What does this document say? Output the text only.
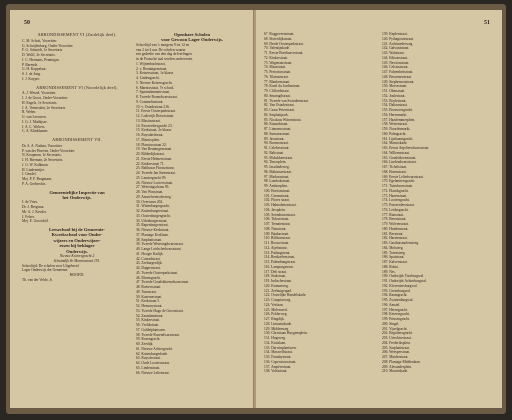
50
ARRONDISSEMENT VI (Zuidelijk deel).
C. M. Schott, Voorzitter.
G. Schuijlenburg, Onder-Voorzitter.
F. G. Schmidt, 1e Secretaris.
D. Wolff, 2e Secretaris.
J. C. Hermans, Penningm.
P. Barends.
G. H. Koppelaar.
S. J. de Jong.
J. J. Kuyper.
ARRONDISSEMENT VI (Noordelijk deel).
A. J. Wetzel, Voorzitter.
J. J. de Groot, Onder-Voorzitter.
H. Engels, 1e Secretaris.
J. A. Vermeulen, 2e Secretaris.
R. Weber.
G. van Leeuwen.
J. G. J. Mathijsse.
J. A. L. Wolters.
C. A. Klinkhamer.
ARRONDISSEMENT VII.
Dr. S. A. Nathan, Voorzitter.
P. van der Hoeven, Onder-Voorzitter.
N. Koopman, 1e Secretaris.
J. H. Bierman, 2e Secretaris.
J. G. W. Kalkman.
H. Lindemeijer.
J. Geudel.
Mej. P. F. Brugmans.
P. A. Gerbrechts.
Gemeentelijke Inspectie van
het Onderwijs.
J. de Vries.
Dr. J. Bergsma.
Mr. A. J. Kessler.
J. Felser.
Mej. E. Grootdoff.
Leeszchool bij de Gemeente-
Kweekschool voor Onder-
wijzers en Onderwijzer-
essen bij beklager
Onderwijs.
Nieuwe Keizersgracht 2
Schuindijk 8e Marnixstraat 191.
Schooltijd: De scholen voor Uitgebreid
Lager Onderwijs der Gemeente.
HOOFD:
Th. van der Velde, Jr.
Openbare Scholen
voor Gewoon Lager Onderwijs.
Schooltijd van 's morgens 9 tot 12 en
van 2 tot 4 uur. De scholen waarin
een gedeelte van den dag de leerlingen
in de Fransche taal worden ondervezen.
1. Wijttenbachstraat.
2. v. Beuningenstraat.
3. Keizersstraat, 1e klasse.
4. Lindengracht.
5. Nieuwe Keizersgracht.
6. Marnixstraat, 7e school.
7. Spaarndammerstraat.
8. Tweede Boomdwarsstraat.
9. Commelinstraat.
10. v. Ostadestraat 216.
11. Eerste Oosterparkstraat.
12. Lodewijk Boisotstraat.
13. Blasiusstraat.
14. Passeerdersgracht 23.
15. Kerkstraat, 2e klasse.
16. Ruysdaelstraat.
17. Marnixplein.
18. Planciusstraat 22.
19. Van Beuningenstraat.
20. Bilderdijkstraat.
21. Eerste Helmersstraat.
22. Kinkerstraat 71.
23. Balthasar Floriszstraat.
24. Tweede Jan Steenstraat.
25. Lauriergracht 99.
26. Nieuwe Looiersstraat.
27. Weteringschans 93.
28. Van Woustraat.
29. Amstelveenscheweg.
30. Overtoom 202.
31. Wittenburgergracht.
32. Kattenburgerstraat.
33. Oostenburgergracht.
34. Uilenburgerstraat.
35. Rapenburgerstraat.
36. Nieuwe Kerkstraat.
37. Plantage Kerklaan.
38. Sarphatistraat.
39. Tweede Weteringdwarsstraat.
40. Lange Leidschedwarsstraat.
41. Hoogte Kadijk.
42. Conradstraat.
43. Zeeburgerdijk.
44. Dapperstraat.
45. Tweede Oosterparkstraat.
46. Bloemgracht.
47. Tweede Goudsbloemdwarsstraat.
48. Roetersstraat.
49. Tuinstraat.
50. Kazernestraat.
51. Kerkstraat 5.
52. Hemonystraat.
53. Tweede Hugo de Grootstraat.
54. Zaandamstraat.
55. Kinkerstraat.
56. Vrolikstraat.
57. Galileïplantsoen.
58. Tweede Rozendwarsstraat.
59. Rozengracht.
60. Zeedijk.
61. Nieuwe Achtergracht.
62. Kattenburgerkade.
63. Ruyschstraat.
64. Oude Looiersstraat.
65. Lindenstraat.
66. Nieuwe Leliestraat.
51
67. Roggeveenstraat.
68. Sloterdijkstraat.
69. Derde Oosterparkstraat.
70. Valentijnkade.
71. Eerste Boerhaavestraat.
72. Kinkerstraat.
73. Wagenaarstraat.
74. Maasstraat.
75. Pretoriusstraat.
76. Tilanusstraat.
77. Blankenstraat.
78. Karel du Jardinstraat.
79. Cliffordstraat.
80. Smaragdstraat.
81. Tweede van Swindenstraat.
82. Van Ostadestraat.
83. Czaar Peterstraat.
84. Sarphatipark.
85. Nicolaas Witsenstraat.
86. Kanaalstraat.
87. Linnaeusstraat.
88. Sumatrastraat.
89. Javastraat.
90. Borneostraat.
91. Celebesstraat.
92. Balistraat.
93. Molukkenstraat.
94. Timorplein.
95. Insulindeweg.
96. Makassarstraat.
97. Madurastraat.
98. Lombokstraat.
99. Ambonplein.
100. Boetonstraat.
101. Ceramstraat.
102. Flores straat.
103. Halmaheirastraat.
104. Javaplein.
105. Soembawastraat.
106. Tidorestraat.
107. Ternatestraat.
108. Niasstraat.
109. Bankastraat.
110. Billitonstraat.
111. Riouwstraat.
112. Atjehstraat.
113. Padangstraat.
114. Benkoelenstraat.
115. Palembangstraat.
116. Lampongstraat.
117. Deli straat.
118. Siakstraat.
119. Indischestraat.
120. Kramatweg.
121. Zeeburgerpad.
122. Oostelijke Handelskade.
123. Cruquiusweg.
124. Veelaan.
125. Molenwerf.
126. Polderweg.
127. Ringdijk.
128. Linnaeuskade.
129. Middenweg.
130. Christiaan Huygensplein.
131. Hogeweg.
132. Kruislaan.
133. Darwinplantsoen.
134. Maxwellstraat.
135. Faradaystraat.
136. Copernicusstraat.
137. Ampèrestraat.
138. Voltastraat.
139. Keplerstraat.
140. Pythagorasstraat.
141. Archimedesweg.
142. Galvanistraat.
143. Wattstraat.
144. Edisonstraat.
145. Newtonstraat.
146. Celsiusstraat.
147. Fahrenheitstraat.
148. Bessemerstraat.
149. Stephensonstraat.
150. Morsestraat.
151. Ohmstraat.
152. Joulestraat.
153. Boylestraat.
154. Daltonstraat.
155. Brouwersgracht.
156. Herenmarkt.
157. Haarlemmerplein.
158. Westerstraat.
159. Noordermarkt.
160. Palmgracht.
161. Lijnbaansgracht.
162. Marnixkade.
163. Eerste Anjeliersdwarsstraat.
164. Willemsstraat.
165. Goudsbloemstraat.
166. Lindendwarsstraat.
167. Tichelstraat.
168. Boomstraat.
169. Eerste Leliedwarsstraat.
170. Egelantiersgracht.
171. Tuindwarsstraat.
172. Elandsgracht.
173. Hazenstraat.
174. Looiersgracht.
175. Passeerdersstraat.
176. Leidsegracht.
177. Runstraat.
178. Berenstraat.
179. Wolvenstraat.
180. Huidenstraat.
181. Reestraat.
182. Hartenstraat.
183. Gasthuismolensteeg.
184. Molsteeg.
185. Torensteeg.
186. Spuistraat.
187. Kalverstraat.
188. Rokin.
189. Nes.
190. Oudezijds Voorburgwal.
191. Oudezijds Achterburgwal.
192. Kloveniersburgwal.
193. Groenburgwal.
194. Raamgracht.
195. Zwanenburgwal.
196. Amstel.
197. Herengracht.
198. Keizersgracht.
199. Prinsengracht.
200. Singel.
201. Vijzelgracht.
202. Reguliersgracht.
203. Utrechtsestraat.
204. Frederiksplein.
205. Sarphatistraat.
206. Weesperstraat.
207. Muiderstraat.
208. Plantage Middenlaan.
209. Alexanderplein.
210. Mauritskade.
